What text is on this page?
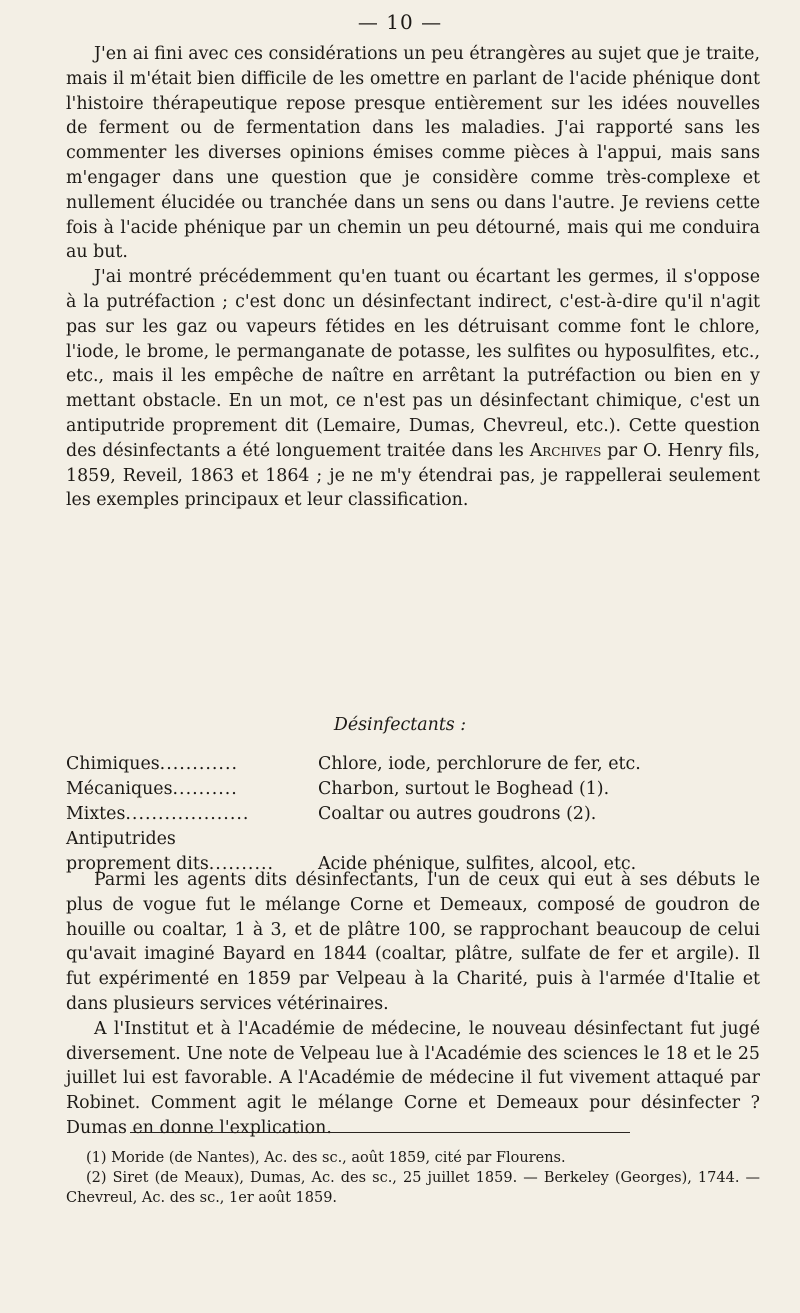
— 10 —

J'en ai fini avec ces considérations un peu étrangères au sujet que je traite, mais il m'était bien difficile de les omettre en parlant de l'acide phénique dont l'histoire thérapeutique repose presque entièrement sur les idées nouvelles de ferment ou de fermentation dans les maladies. J'ai rapporté sans les commenter les diverses opinions émises comme pièces à l'appui, mais sans m'engager dans une question que je considère comme très-complexe et nullement élucidée ou tranchée dans un sens ou dans l'autre. Je reviens cette fois à l'acide phénique par un chemin un peu détourné, mais qui me conduira au but.

J'ai montré précédemment qu'en tuant ou écartant les germes, il s'oppose à la putréfaction ; c'est donc un désinfectant indirect, c'est-à-dire qu'il n'agit pas sur les gaz ou vapeurs fétides en les détruisant comme font le chlore, l'iode, le brome, le permanganate de potasse, les sulfites ou hyposulfites, etc., etc., mais il les empêche de naître en arrêtant la putréfaction ou bien en y mettant obstacle. En un mot, ce n'est pas un désinfectant chimique, c'est un antiputride proprement dit (Lemaire, Dumas, Chevreul, etc.). Cette question des désinfectants a été longuement traitée dans les Archives par O. Henry fils, 1859, Reveil, 1863 et 1864 ; je ne m'y étendrai pas, je rappellerai seulement les exemples principaux et leur classification.

Désinfectants :
Chimiques............	Chlore, iode, perchlorure de fer, etc.
Mécaniques..........	Charbon, surtout le Boghead (1).
Mixtes...................	Coaltar ou autres goudrons (2).
Antiputrides proprement dits..........	Acide phénique, sulfites, alcool, etc.

Parmi les agents dits désinfectants, l'un de ceux qui eut à ses débuts le plus de vogue fut le mélange Corne et Demeaux, composé de goudron de houille ou coaltar, 1 à 3, et de plâtre 100, se rapprochant beaucoup de celui qu'avait imaginé Bayard en 1844 (coaltar, plâtre, sulfate de fer et argile). Il fut expérimenté en 1859 par Velpeau à la Charité, puis à l'armée d'Italie et dans plusieurs services vétérinaires.

A l'Institut et à l'Académie de médecine, le nouveau désinfectant fut jugé diversement. Une note de Velpeau lue à l'Académie des sciences le 18 et le 25 juillet lui est favorable. A l'Académie de médecine il fut vivement attaqué par Robinet. Comment agit le mélange Corne et Demeaux pour désinfecter ? Dumas en donne l'explication.

(1) Moride (de Nantes), Ac. des sc., août 1859, cité par Flourens.

(2) Siret (de Meaux), Dumas, Ac. des sc., 25 juillet 1859. — Berkeley (Georges), 1744. — Chevreul, Ac. des sc., 1er août 1859.
